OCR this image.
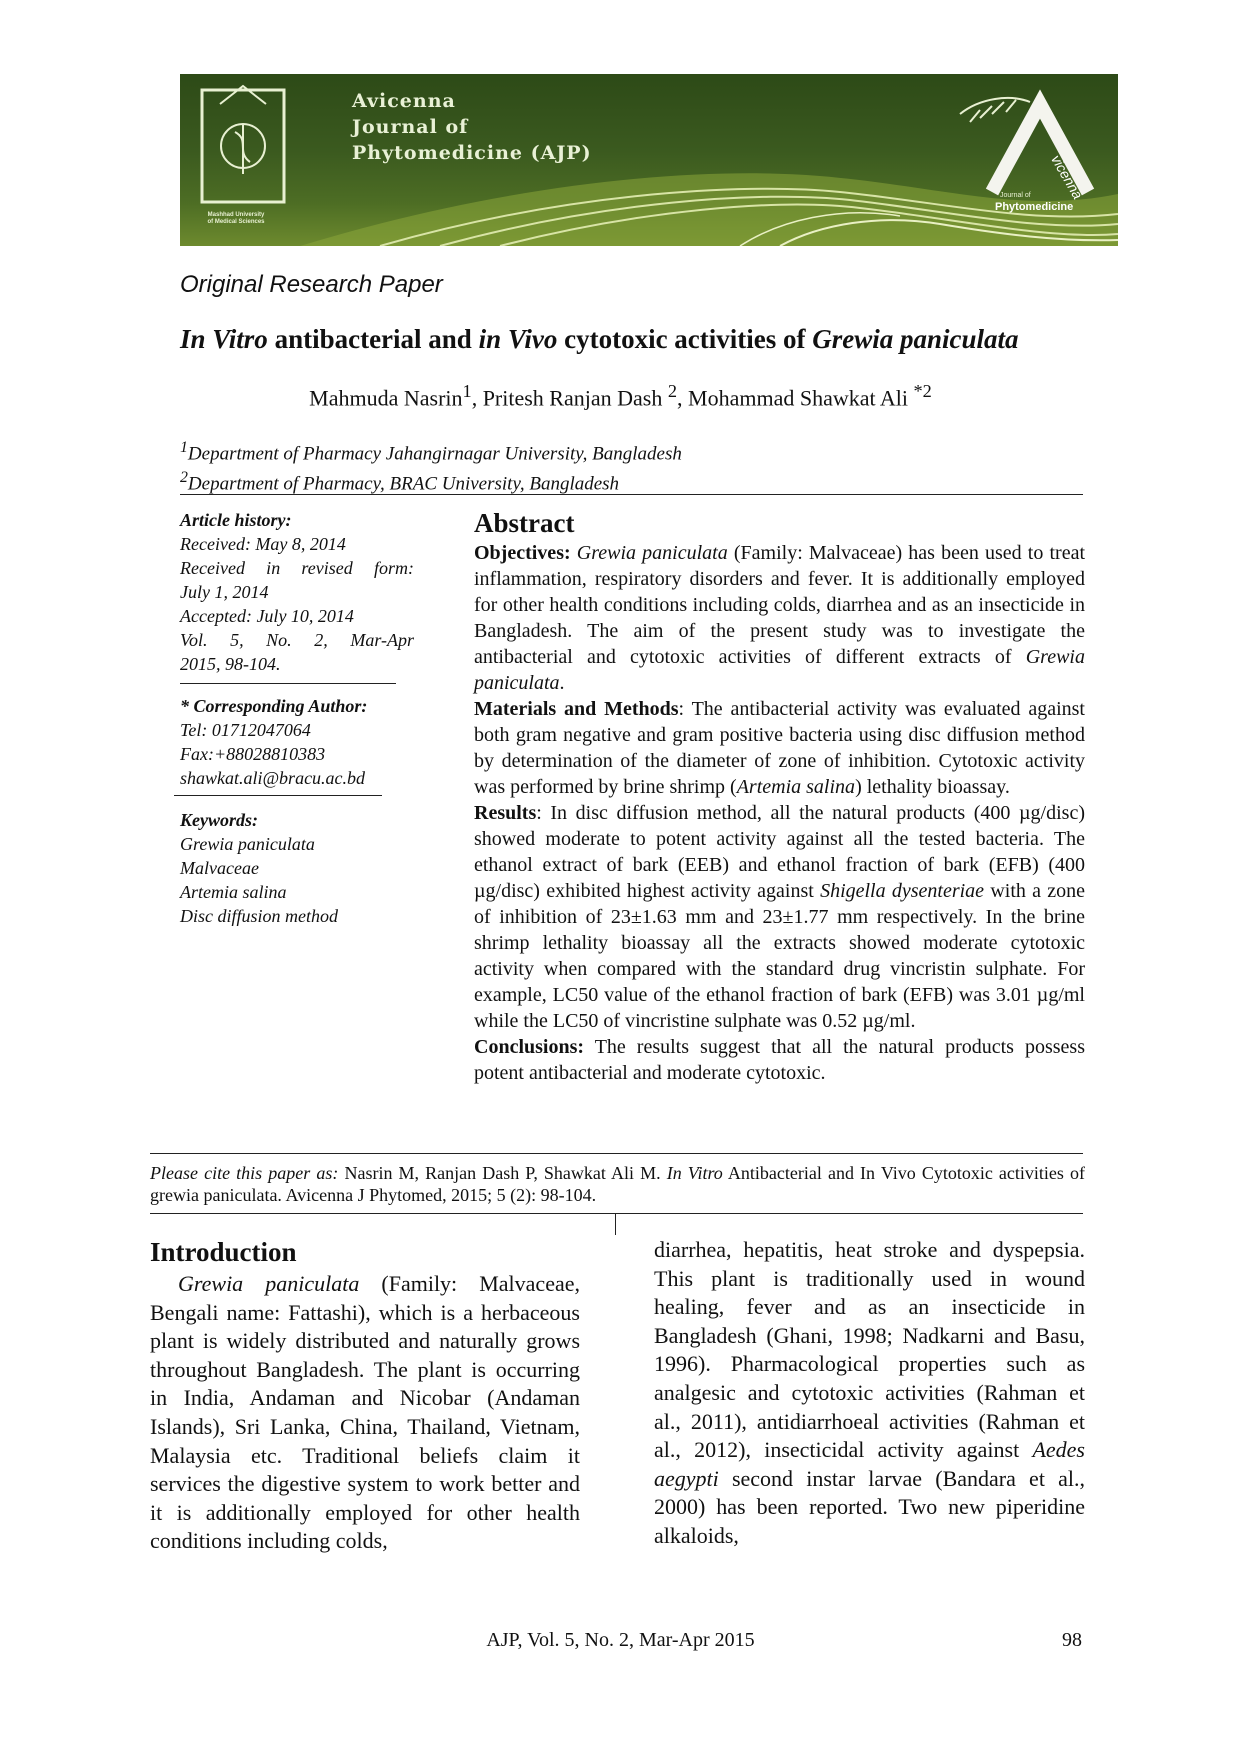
Avicenna
Journal of
Phytomedicine (AJP)
Mashhad University
of Medical Sciences
Journal of
Phytomedicine
vicenna
Original Research Paper
In Vitro antibacterial and in Vivo cytotoxic activities of Grewia paniculata
Mahmuda Nasrin$^1$, Pritesh Ranjan Dash $^2$, Mohammad Shawkat Ali $^{*2}$
$^1$Department of Pharmacy Jahangirnagar University, Bangladesh
$^2$Department of Pharmacy, BRAC University, Bangladesh
Article history:
Received: May 8, 2014
Received in revised form:
July 1, 2014
Accepted: July 10, 2014
Vol. 5, No. 2, Mar-Apr
2015, 98-104.
* Corresponding Author:
Tel: 01712047064
Fax:+88028810383
shawkat.ali@bracu.ac.bd
Keywords:
Grewia paniculata
Malvaceae
Artemia salina
Disc diffusion method
Abstract

Objectives: Grewia paniculata (Family: Malvaceae) has been used to treat inflammation, respiratory disorders and fever. It is additionally employed for other health conditions including colds, diarrhea and as an insecticide in Bangladesh. The aim of the present study was to investigate the antibacterial and cytotoxic activities of different extracts of Grewia paniculata.

Materials and Methods: The antibacterial activity was evaluated against both gram negative and gram positive bacteria using disc diffusion method by determination of the diameter of zone of inhibition. Cytotoxic activity was performed by brine shrimp (Artemia salina) lethality bioassay.

Results: In disc diffusion method, all the natural products (400 µg/disc) showed moderate to potent activity against all the tested bacteria. The ethanol extract of bark (EEB) and ethanol fraction of bark (EFB) (400 µg/disc) exhibited highest activity against Shigella dysenteriae with a zone of inhibition of 23±1.63 mm and 23±1.77 mm respectively. In the brine shrimp lethality bioassay all the extracts showed moderate cytotoxic activity when compared with the standard drug vincristin sulphate. For example, LC50 value of the ethanol fraction of bark (EFB) was 3.01 µg/ml while the LC50 of vincristine sulphate was 0.52 µg/ml.

Conclusions: The results suggest that all the natural products possess potent antibacterial and moderate cytotoxic.

Please cite this paper as: Nasrin M, Ranjan Dash P, Shawkat Ali M. In Vitro Antibacterial and In Vivo Cytotoxic activities of grewia paniculata. Avicenna J Phytomed, 2015; 5 (2): 98-104.
Introduction

Grewia paniculata (Family: Malvaceae, Bengali name: Fattashi), which is a herbaceous plant is widely distributed and naturally grows throughout Bangladesh. The plant is occurring in India, Andaman and Nicobar (Andaman Islands), Sri Lanka, China, Thailand, Vietnam, Malaysia etc. Traditional beliefs claim it services the digestive system to work better and it is additionally employed for other health conditions including colds,

diarrhea, hepatitis, heat stroke and dyspepsia. This plant is traditionally used in wound healing, fever and as an insecticide in Bangladesh (Ghani, 1998; Nadkarni and Basu, 1996). Pharmacological properties such as analgesic and cytotoxic activities (Rahman et al., 2011), antidiarrhoeal activities (Rahman et al., 2012), insecticidal activity against Aedes aegypti second instar larvae (Bandara et al., 2000) has been reported. Two new piperidine alkaloids,

AJP, Vol. 5, No. 2, Mar-Apr 2015	98
